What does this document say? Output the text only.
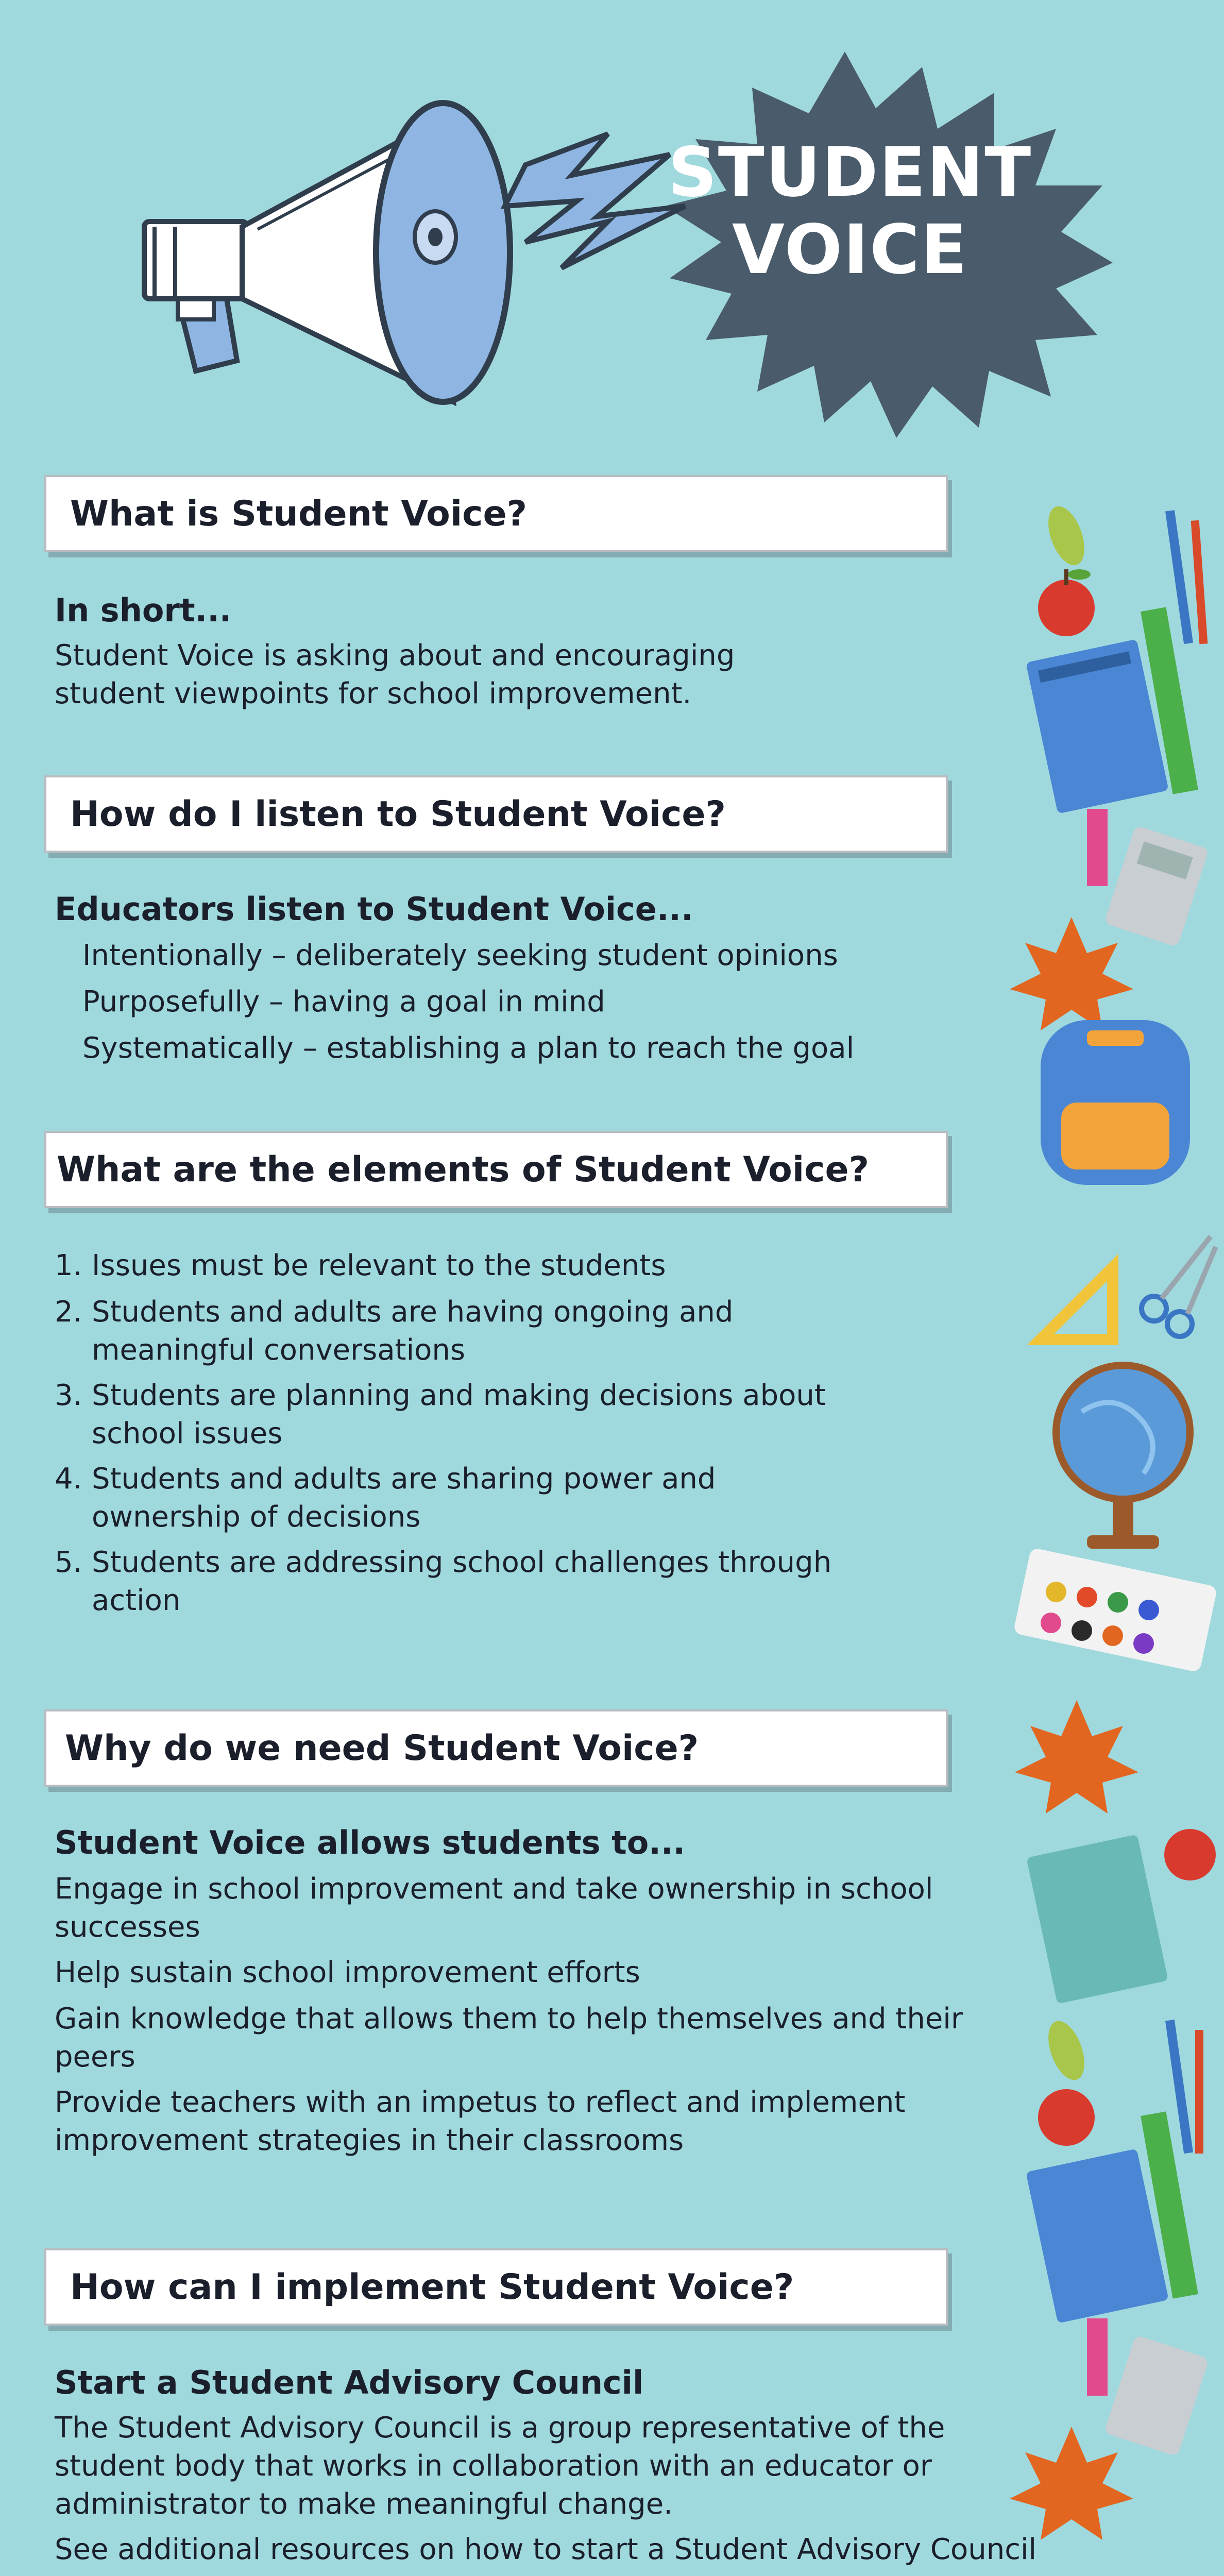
STUDENT
VOICE
What is Student Voice?
In short...
Student Voice is asking about and encouraging student viewpoints for school improvement.
How do I listen to Student Voice?
Educators listen to Student Voice...
Intentionally – deliberately seeking student opinions
Purposefully – having a goal in mind
Systematically – establishing a plan to reach the goal
What are the elements of Student Voice?
1. Issues must be relevant to the students
2. Students and adults are having ongoing and
meaningful conversations
3. Students are planning and making decisions about
school issues
4. Students and adults are sharing power and
ownership of decisions
5. Students are addressing school challenges through
action
Why do we need Student Voice?
Student Voice allows students to...
Engage in school improvement and take ownership in school
successes
Help sustain school improvement efforts
Gain knowledge that allows them to help themselves and their
peers
Provide teachers with an impetus to reflect and implement
improvement strategies in their classrooms
How can I implement Student Voice?
Start a Student Advisory Council
The Student Advisory Council is a group representative of the
student body that works in collaboration with an educator or
administrator to make meaningful change.
See additional resources on how to start a Student Advisory Council
